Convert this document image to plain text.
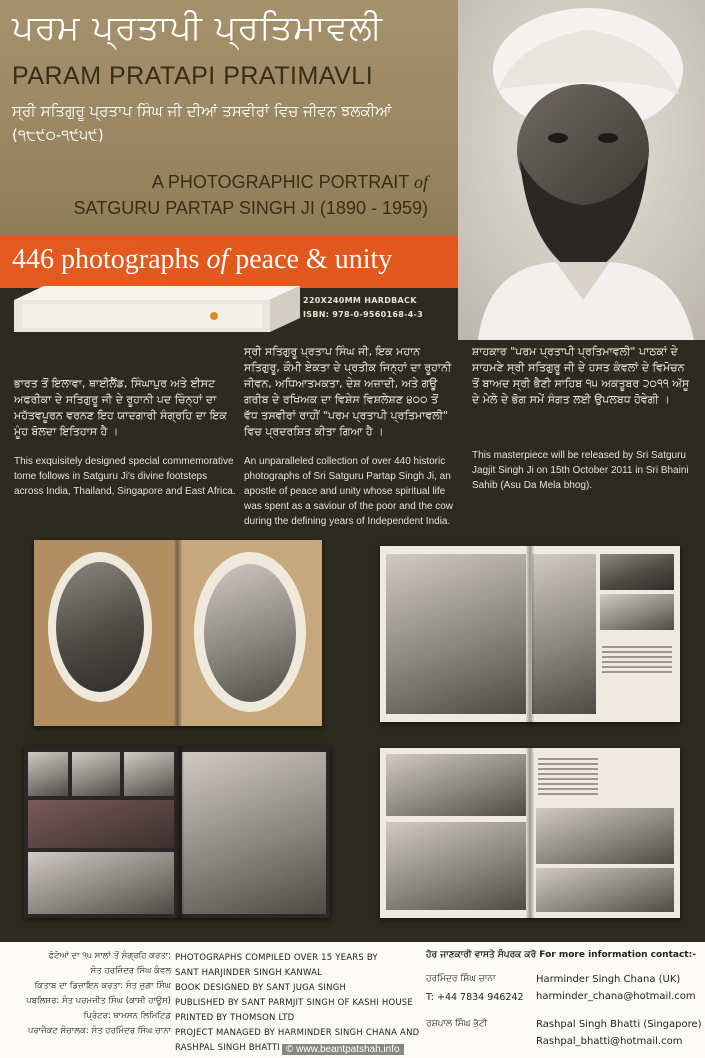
ਪਰਮ ਪ੍ਰਤਾਪੀ ਪ੍ਰਤਿਮਾਵਲੀ
PARAM PRATAPI PRATIMAVLI
ਸ੍ਰੀ ਸਤਿਗੁਰੂ ਪ੍ਰਤਾਪ ਸਿੰਘ ਜੀ ਦੀਆਂ ਤਸਵੀਰਾਂ ਵਿਚ ਜੀਵਨ ਝਲਕੀਆਂ (੧੮੯੦-੧੯੫੯)
A PHOTOGRAPHIC PORTRAIT of
SATGURU PARTAP SINGH JI (1890 - 1959)
446 photographs of peace & unity
220X240MM HARDBACK
ISBN: 978-0-9560168-4-3
ਭਾਰਤ ਤੋਂ ਇਲਾਵਾ, ਥਾਈਲੈਂਡ, ਸਿੰਘਾਪੁਰ ਅਤੇ ਈਸਟ ਅਫਰੀਕਾ ਦੇ ਸਤਿਗੁਰੂ ਜੀ ਦੇ ਰੂਹਾਨੀ ਪਦ ਚਿੰਨ੍ਹਾਂ ਦਾ ਮਹੱਤਵਪੂਰਨ ਵਰਨਣ ਇਹ ਯਾਦਗਾਰੀ ਸੰਗ੍ਰਹਿ ਦਾ ਇਕ ਮੂੰਹ ਬੋਲਦਾ ਇਤਿਹਾਸ ਹੈ ।
This exquisitely designed special commemorative tome follows in Satguru Ji's divine footsteps across India, Thailand, Singapore and East Africa.
ਸ੍ਰੀ ਸਤਿਗੁਰੂ ਪ੍ਰਤਾਪ ਸਿੰਘ ਜੀ, ਇਕ ਮਹਾਨ ਸਤਿਗੁਰੂ, ਕੌਮੀ ਏਕਤਾ ਦੇ ਪ੍ਰਤੀਕ ਜਿਨ੍ਹਾਂ ਦਾ ਰੂਹਾਨੀ ਜੀਵਨ, ਅਧਿਆਤਮਕਤਾ, ਦੇਸ਼ ਅਜ਼ਾਦੀ, ਅਤੇ ਗਊ ਗਰੀਬ ਦੇ ਰਖਿਅਕ ਦਾ ਵਿਸ਼ੇਸ ਵਿਸ਼ਲੇਸ਼ਣ ੪੦੦ ਤੋਂ ਵੱਧ ਤਸਵੀਰਾਂ ਰਾਹੀਂ "ਪਰਮ ਪ੍ਰਤਾਪੀ ਪ੍ਰਤਿਮਾਵਲੀ" ਵਿਚ ਪ੍ਰਦਰਸ਼ਿਤ ਕੀਤਾ ਗਿਆ ਹੈ ।
An unparalleled collection of over 440 historic photographs of Sri Satguru Partap Singh Ji, an apostle of peace and unity whose spiritual life was spent as a saviour of the poor and the cow during the defining years of Independent India.
ਸ਼ਾਹਕਾਰ "ਪਰਮ ਪ੍ਰਤਾਪੀ ਪ੍ਰਤਿਮਾਵਲੀ" ਪਾਠਕਾਂ ਦੇ ਸਾਹਮਣੇ ਸ੍ਰੀ ਸਤਿਗੁਰੂ ਜੀ ਦੇ ਹਸਤ ਕੰਵਲਾਂ ਦੇ ਵਿਮੋਚਨ ਤੋਂ ਬਾਅਦ ਸ੍ਰੀ ਭੈਣੀ ਸਾਹਿਬ ੧੫ ਅਕਤੂਬਰ ੨੦੧੧ ਅੱਸੂ ਦੇ ਮੇਲੇ ਦੇ ਭੋਗ ਸਮੇਂ ਸੰਗਤ ਲਈ ਉਪਲਬਧ ਹੋਵੇਗੀ ।
This masterpiece will be released by Sri Satguru Jagjit Singh Ji on 15th October 2011 in Sri Bhaini Sahib (Asu Da Mela bhog).
ਫੋਟੋਆਂ ਦਾ ੧੫ ਸਾਲਾਂ ਤੋਂ ਸੰਗ੍ਰਹਿ ਕਰਤਾ: PHOTOGRAPHS COMPILED OVER 15 YEARS BY
ਸੰਤ ਹਰਜਿੰਦਰ ਸਿੰਘ ਕੰਵਲ SANT HARJINDER SINGH KANWAL
ਕਿਤਾਬ ਦਾ ਡਿਜ਼ਾਇਨ ਕਰਤਾ: ਸੰਤ ਜੁਗਾ ਸਿੰਘ BOOK DESIGNED BY SANT JUGA SINGH
ਪਬਲਿਸ਼ਰ: ਸੰਤ ਪਰਮਜੀਤ ਸਿੰਘ (ਕਾਸ਼ੀ ਹਾਊਸ) PUBLISHED BY SANT PARMJIT SINGH OF KASHI HOUSE
ਪ੍ਰਿੰਟਰ: ਥਾਮਸਨ ਲਿਮਿਟਿਡ PRINTED BY THOMSON LTD
ਪਰਾਜੈਕਟ ਸੰਚਾਲਕ: ਸੰਤ ਹਰਮਿੰਦਰ ਸਿੰਘ ਚਾਨਾ PROJECT MANAGED BY HARMINDER SINGH CHANA AND
RASHPAL SINGH BHATTI
ਹੋਰ ਜਾਣਕਾਰੀ ਵਾਸਤੇ ਸੰਪਰਕ ਕਰੋ For more information contact:-
ਹਰਮਿੰਦਰ ਸਿੰਘ ਚਾਨਾ
T: +44 7834 946242
Harminder Singh Chana (UK)
harminder_chana@hotmail.com
ਰਸ਼ਪਾਲ ਸਿੰਘ ਭੱਟੀ	Rashpal Singh Bhatti (Singapore)
Rashpal_bhatti@hotmail.com
© www.beantpatshah.info
